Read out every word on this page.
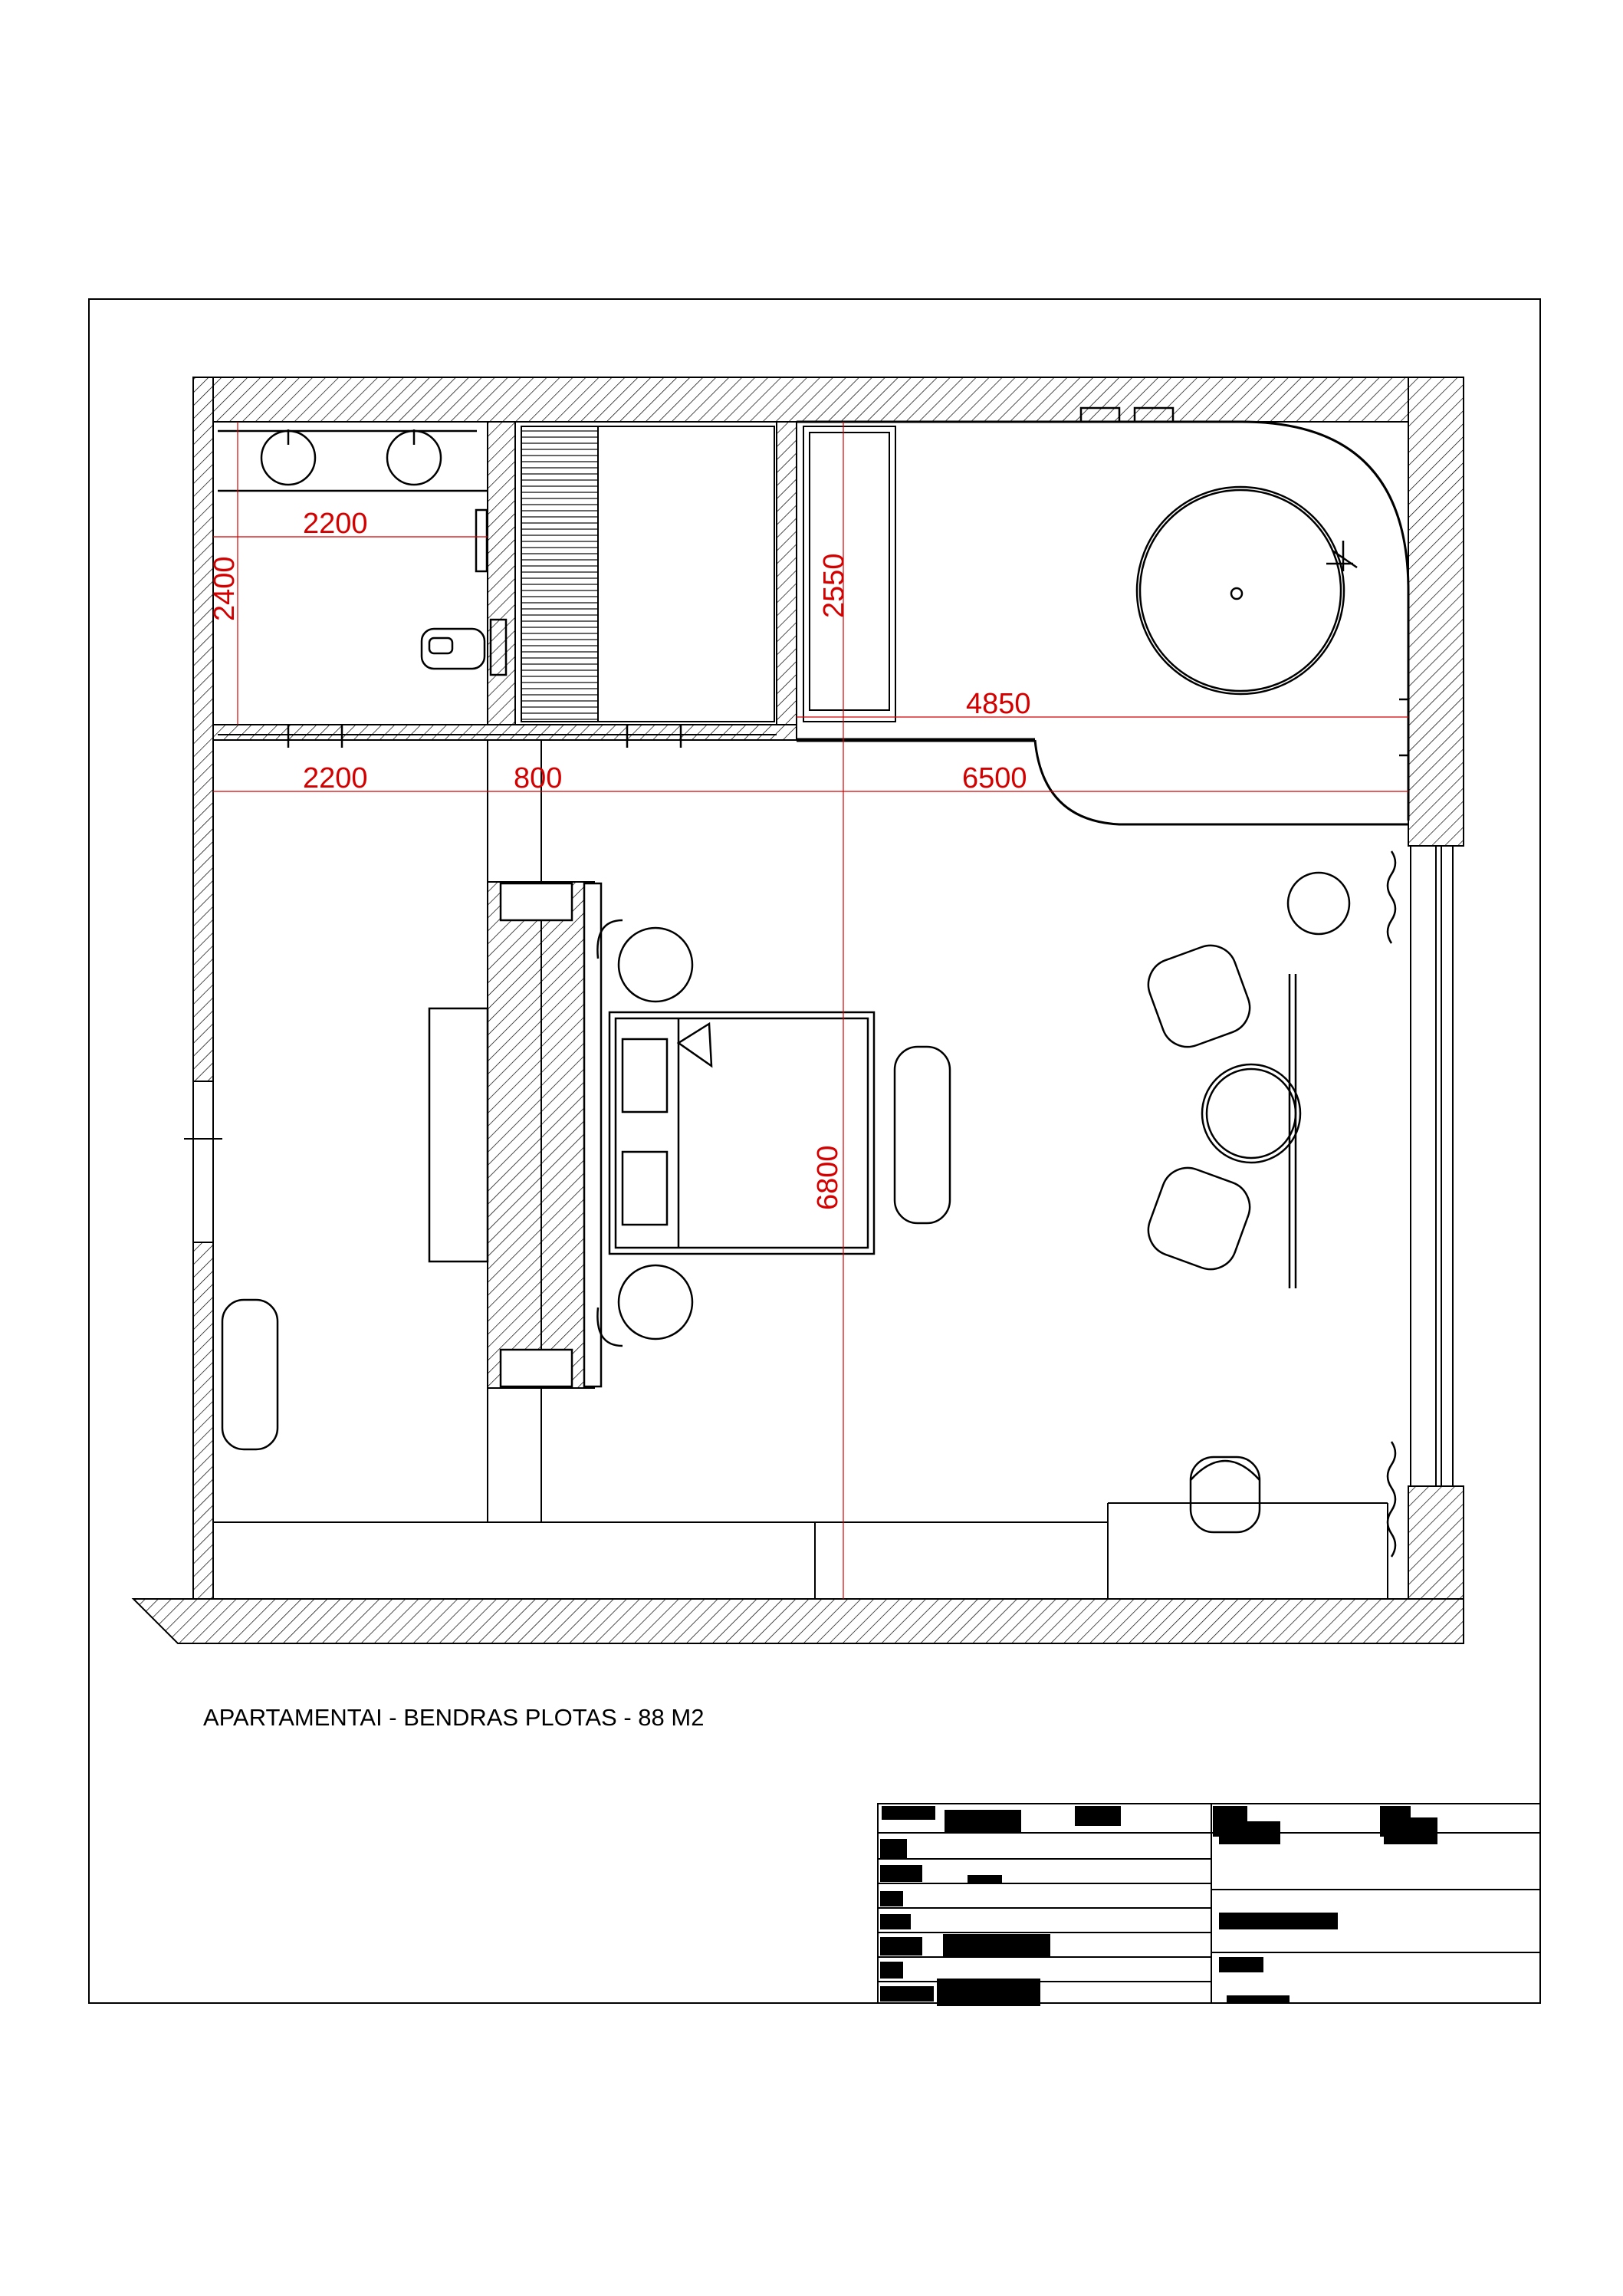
2200
2400	2550
4850
2200	800	6500
6800
APARTAMENTAI - BENDRAS PLOTAS - 88 M2
